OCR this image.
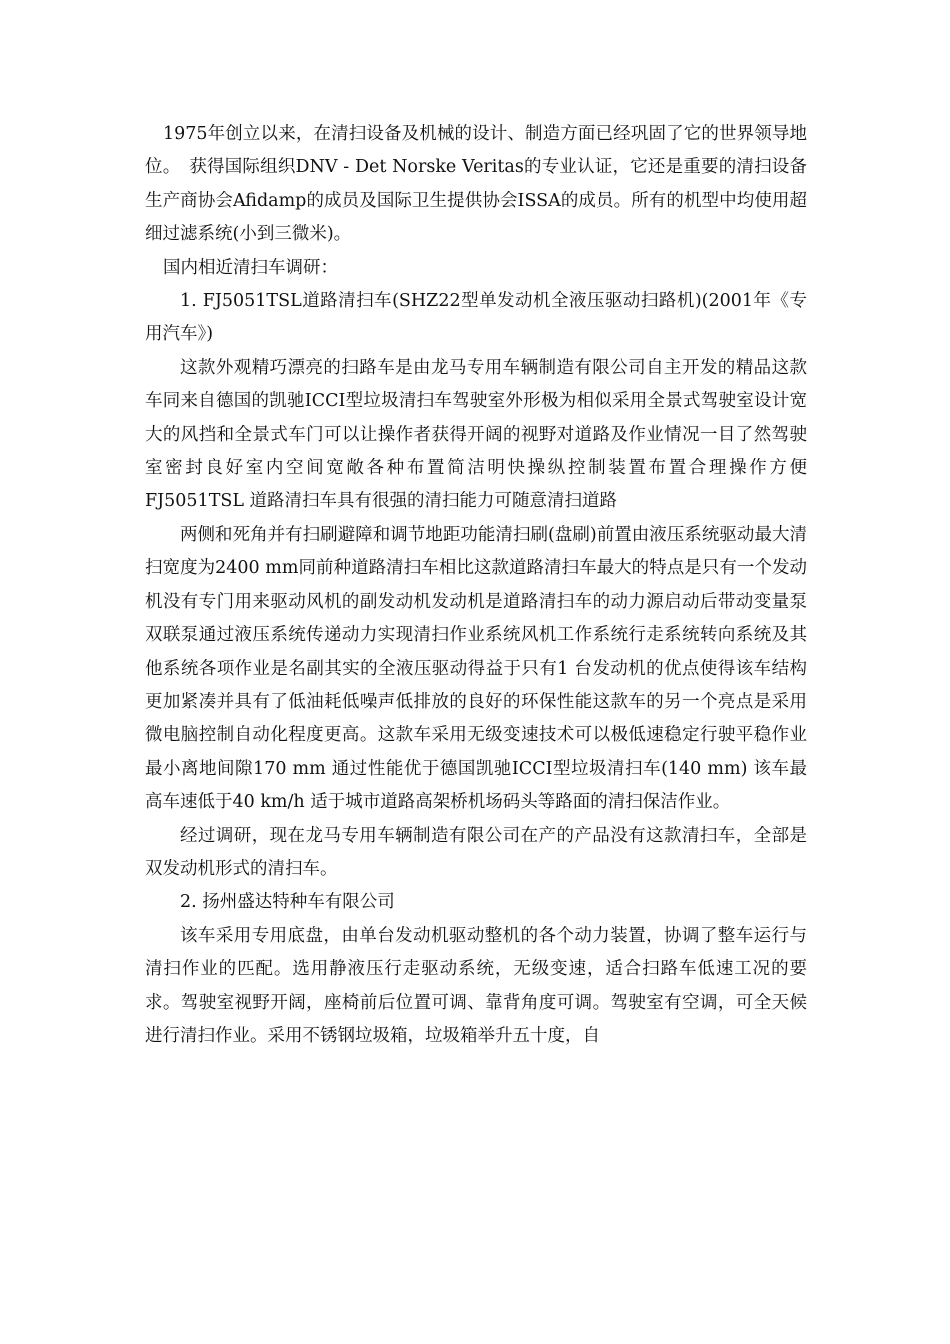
1975年创立以来，在清扫设备及机械的设计、制造方面已经巩固了它的世界领导地位。　获得国际组织DNV - Det Norske Veritas的专业认证，它还是重要的清扫设备生产商协会Afidamp的成员及国际卫生提供协会ISSA的成员。所有的机型中均使用超细过滤系统(小到三微米)。

国内相近清扫车调研：

1. FJ5051TSL道路清扫车(SHZ22型单发动机全液压驱动扫路机)(2001年《专用汽车》)

这款外观精巧漂亮的扫路车是由龙马专用车辆制造有限公司自主开发的精品这款车同来自德国的凯驰ICCI型垃圾清扫车驾驶室外形极为相似采用全景式驾驶室设计宽大的风挡和全景式车门可以让操作者获得开阔的视野对道路及作业情况一目了然驾驶室密封良好室内空间宽敞各种布置简洁明快操纵控制装置布置合理操作方便FJ5051TSL 道路清扫车具有很强的清扫能力可随意清扫道路

两侧和死角并有扫刷避障和调节地距功能清扫刷(盘刷)前置由液压系统驱动最大清扫宽度为2400 mm同前种道路清扫车相比这款道路清扫车最大的特点是只有一个发动机没有专门用来驱动风机的副发动机发动机是道路清扫车的动力源启动后带动变量泵双联泵通过液压系统传递动力实现清扫作业系统风机工作系统行走系统转向系统及其他系统各项作业是名副其实的全液压驱动得益于只有1 台发动机的优点使得该车结构更加紧凑并具有了低油耗低噪声低排放的良好的环保性能这款车的另一个亮点是采用微电脑控制自动化程度更高。这款车采用无级变速技术可以极低速稳定行驶平稳作业最小离地间隙170 mm 通过性能优于德国凯驰ICCI型垃圾清扫车(140 mm) 该车最高车速低于40 km/h 适于城市道路高架桥机场码头等路面的清扫保洁作业。

经过调研，现在龙马专用车辆制造有限公司在产的产品没有这款清扫车，全部是双发动机形式的清扫车。

2. 扬州盛达特种车有限公司

该车采用专用底盘，由单台发动机驱动整机的各个动力装置，协调了整车运行与清扫作业的匹配。选用静液压行走驱动系统，无级变速，适合扫路车低速工况的要求。驾驶室视野开阔，座椅前后位置可调、靠背角度可调。驾驶室有空调，可全天候进行清扫作业。采用不锈钢垃圾箱，垃圾箱举升五十度，自
